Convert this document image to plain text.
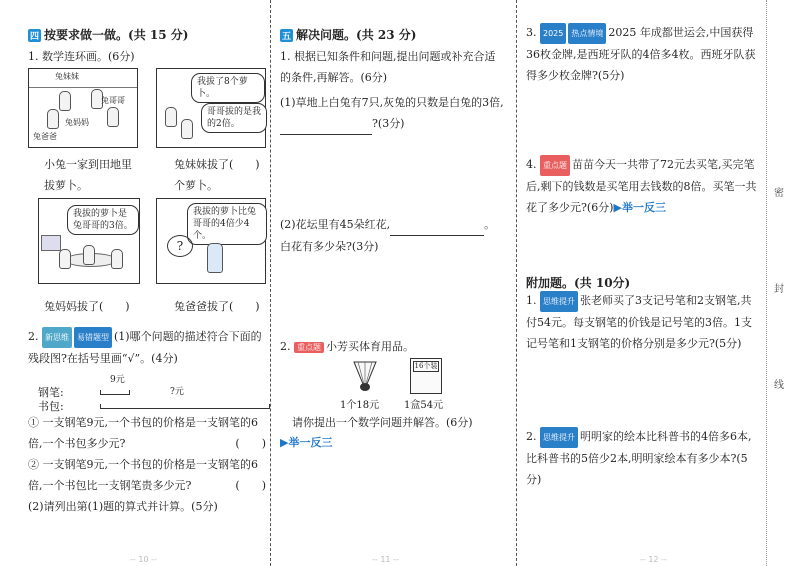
四 按要求做一做。(共 15 分)
1. 数学连环画。(6分)
兔妹妹
兔哥哥
兔妈妈
兔爸爸
我拔了8个萝卜。
哥哥拔的是我的2倍。
小兔一家到田地里拔萝卜。
兔妹妹拔了(　　 )
个萝卜。
我拔的萝卜是兔哥哥的3倍。
我拔的萝卜比兔哥哥的4倍少4个。
?
兔妈妈拔了(　　 )	兔爸爸拔了(　　 )
2. 新思维 易错题型 (1)哪个问题的描述符合下面的残段图?在括号里画“√”。(4分)
钢笔:
9元
书包:
?元
① 一支钢笔9元,一个书包的价格是一支钢笔的6倍,一个书包多少元?	(　　)
② 一支钢笔9元,一个书包的价格是一支钢笔的6倍,一个书包比一支钢笔贵多少元?	(　　)
(2)请列出第(1)题的算式并计算。(5分)
-- 10 --
五 解决问题。(共 23 分)
1. 根据已知条件和问题,提出问题或补充合适的条件,再解答。(6分)
(1)草地上白兔有7只,灰兔的只数是白兔的3倍, ?(3分)
(2)花坛里有45朵红花,	。白花有多少朵?(3分)
2. 重点题 小芳买体育用品。
1个18元
16个装
1盒54元
请你提出一个数学问题并解答。(6分)
▶举一反三
-- 11 --
3. 2025 热点情境 2025 年成都世运会,中国获得36枚金牌,是西班牙队的4倍多4枚。西班牙队获得多少枚金牌?(5分)
4. 重点题 苗苗今天一共带了72元去买笔,买完笔后,剩下的钱数是买笔用去钱数的8倍。买笔一共花了多少元?(6分)▶举一反三
附加题。(共 10分)
1. 思维提升 张老师买了3支记号笔和2支钢笔,共付54元。每支钢笔的价钱是记号笔的3倍。1支记号笔和1支钢笔的价格分别是多少元?(5分)
2. 思维提升 明明家的绘本比科普书的4倍多6本,比科普书的5倍少2本,明明家绘本有多少本?(5分)
-- 12 --
密
封
线
